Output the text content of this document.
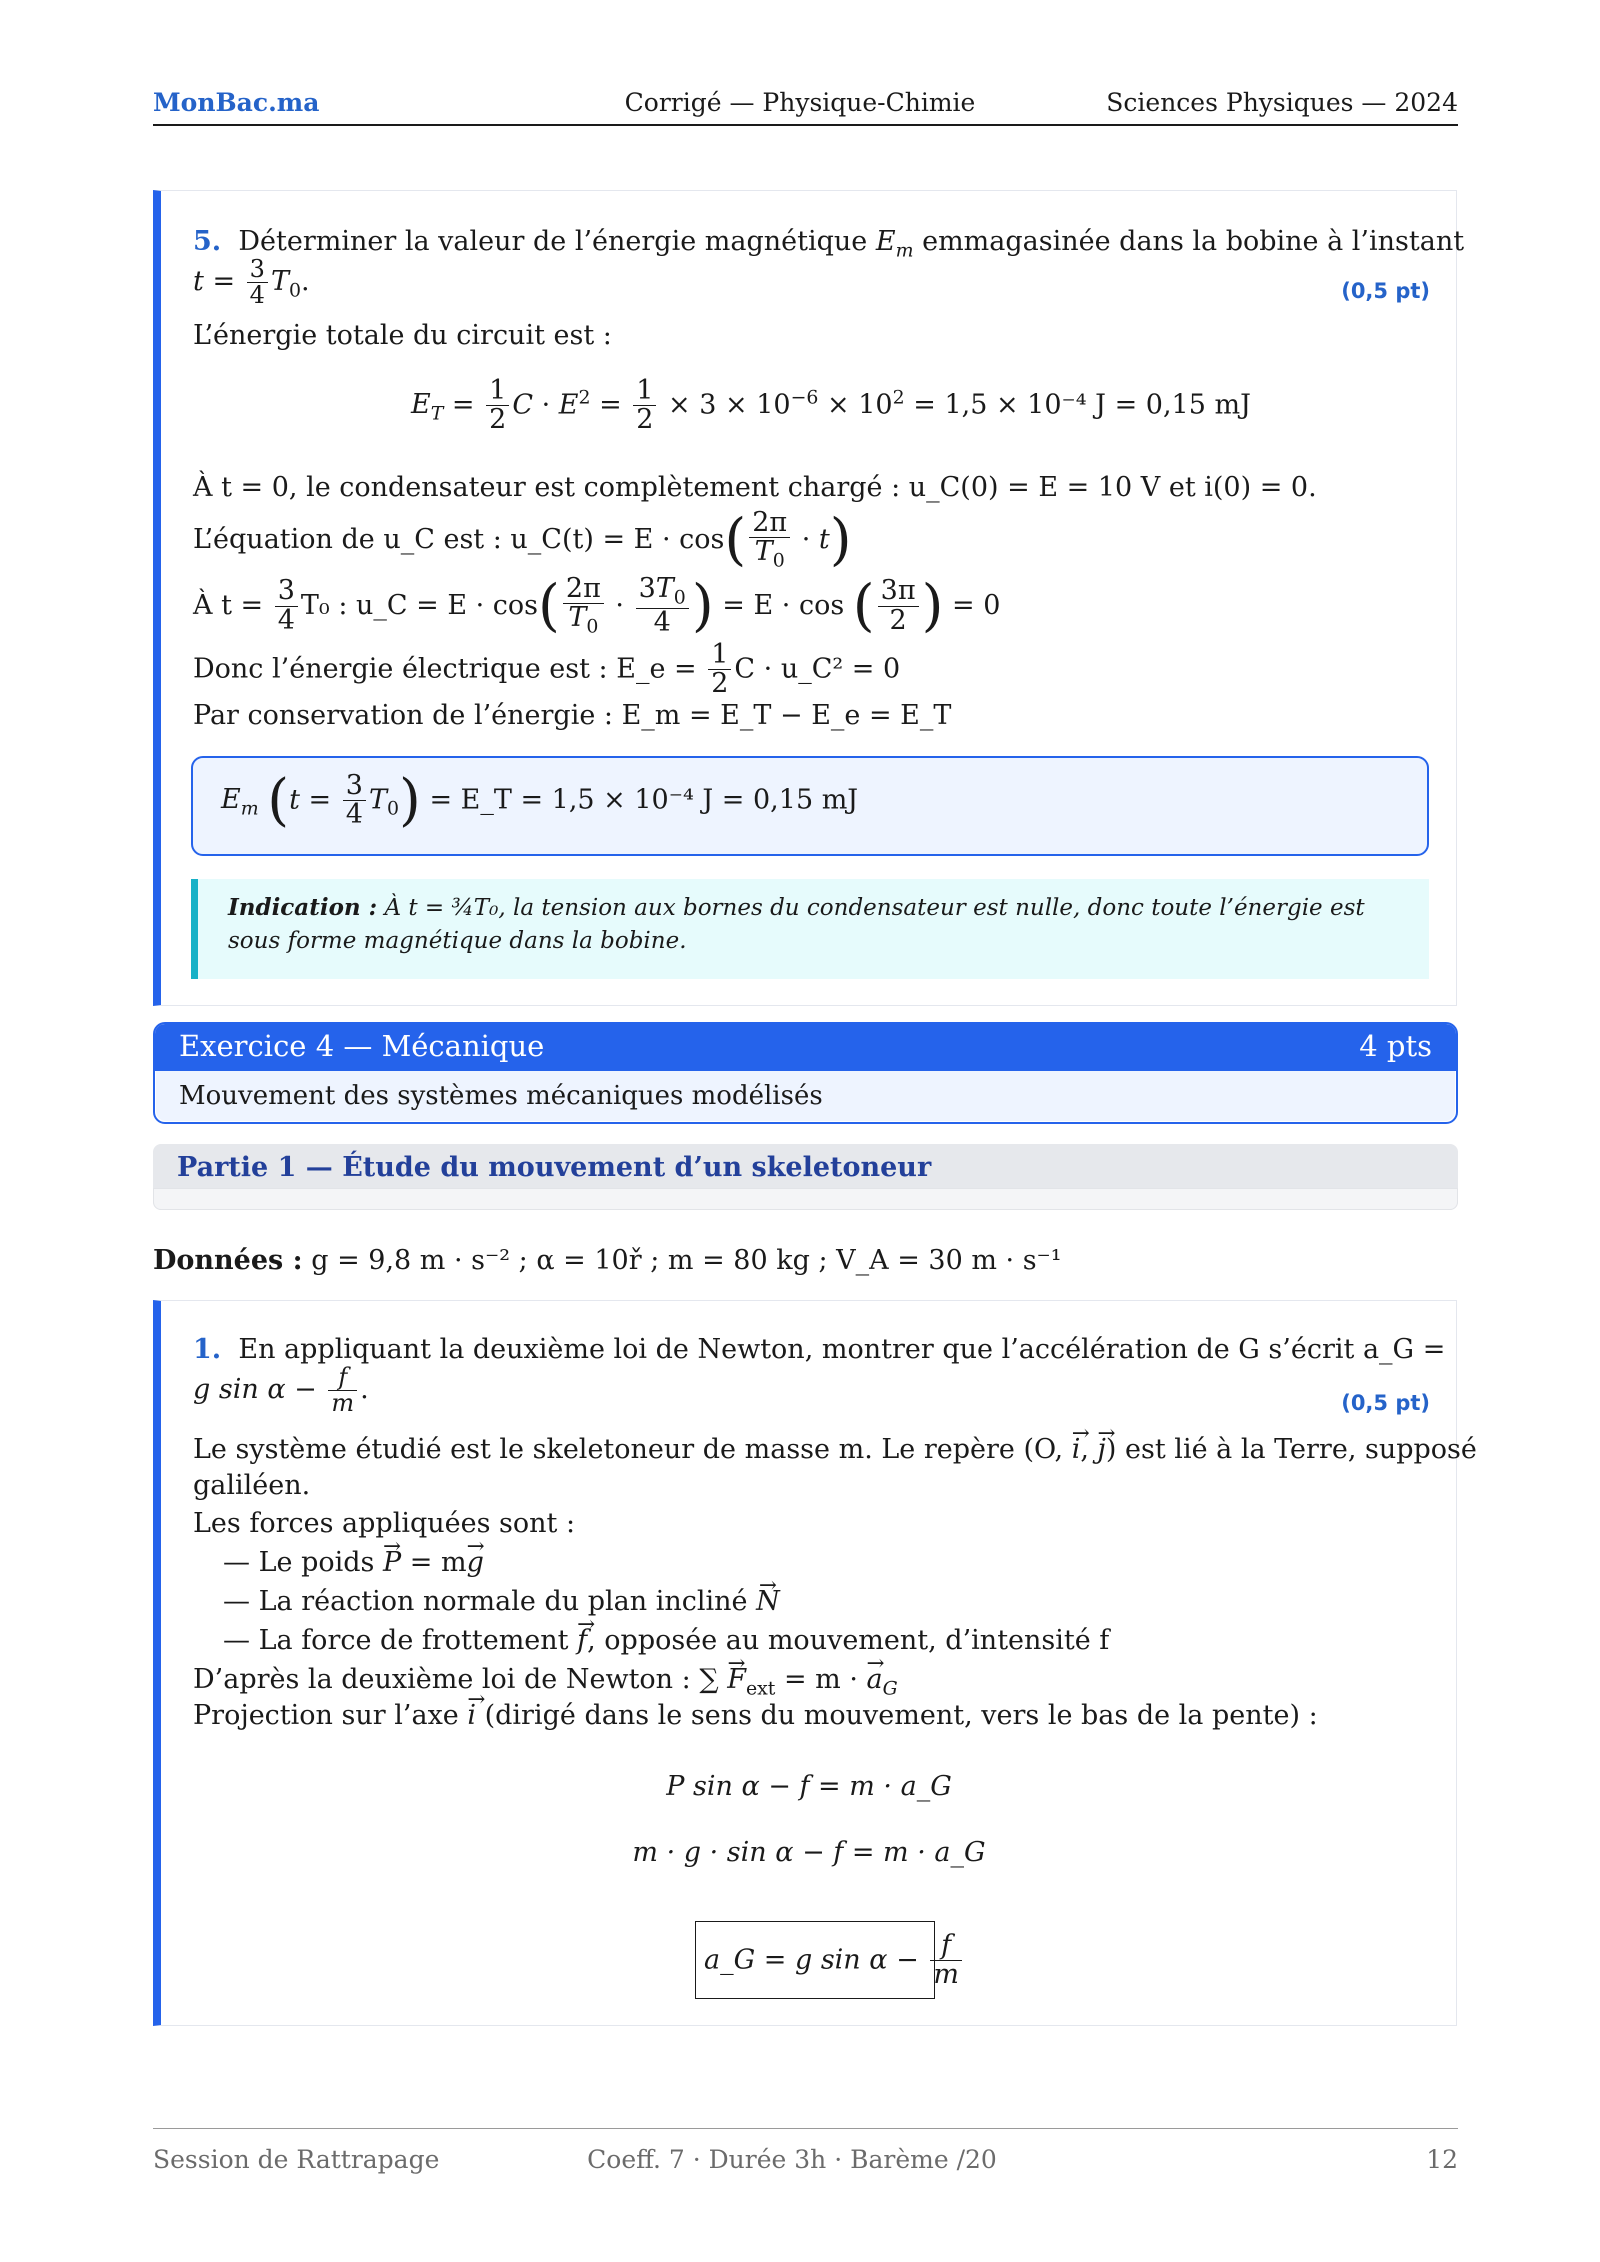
MonBac.ma	Corrigé — Physique-Chimie	Sciences Physiques — 2024
5. Déterminer la valeur de l’énergie magnétique $E_m$ emmagasinée dans la bobine à l’instant
$t = \frac{3}{4} T_0$.	(0,5 pt)
L’énergie totale du circuit est :
$E_T = \frac{1}{2}$ $C \cdot E^2 = \frac{1}{2} \times 3 \times 10^{-6} \times 10^2 = 1,5 \times 10^{-4}$ J = 0,15 mJ
À t = 0, le condensateur est complètement chargé : u_C(0) = E = 10 V et i(0) = 0.
L’équation de u_C est : u_C(t) = $E \cdot \cos( \frac{2\pi}{T_0} \cdot t)$
À $t = \frac{3}{4} T_0$ : u_C = $E \cdot \cos( \frac{2\pi}{T_0} \cdot \frac{3T_0}{4}$ ) = E · cos ( $\frac{3\pi}{2}$ ) = 0
Donc l’énergie électrique est : E_e = $\frac{1}{2}$ C · u_C² = 0
Par conservation de l’énergie : E_m = E_T − E_e = E_T
$E_m$ $(t = \frac{3}{4} T_0)$ = E_T = 1,5 × 10⁻⁴ J = 0,15 mJ
Indication : À t = ¾T₀, la tension aux bornes du condensateur est nulle, donc toute l’énergie est
sous forme magnétique dans la bobine.
Exercice 4 — Mécanique	4 pts
Mouvement des systèmes mécaniques modélisés
Partie 1 — Étude du mouvement d’un skeletoneur
Données : g = 9,8 m · s⁻² ; α = 10ř ; m = 80 kg ; V_A = 30 m · s⁻¹
1. En appliquant la deuxième loi de Newton, montrer que l’accélération de G s’écrit a_G =
g $\sin \alpha - \frac{f}{m}$ .	(0,5 pt)
Le système étudié est le skeletoneur de masse m. Le repère (O, → i, → j) est lié à la Terre, supposé
galiléen.
Les forces appliquées sont :
— Le poids → P = m→ g
— La réaction normale du plan incliné → N
— La force de frottement → f, opposée au mouvement, d’intensité f
D’après la deuxième loi de Newton : ∑ → $F_{ext} = m$ · → $a_G$
Projection sur l’axe → i (dirigé dans le sens du mouvement, vers le bas de la pente) :
P sin α − f = m · a_G
m · g · sin α − f = m · a_G
a_G = g $\sin \alpha - \frac{f}{m}$
Session de Rattrapage	Coeff. 7 · Durée 3h · Barème /20	12
